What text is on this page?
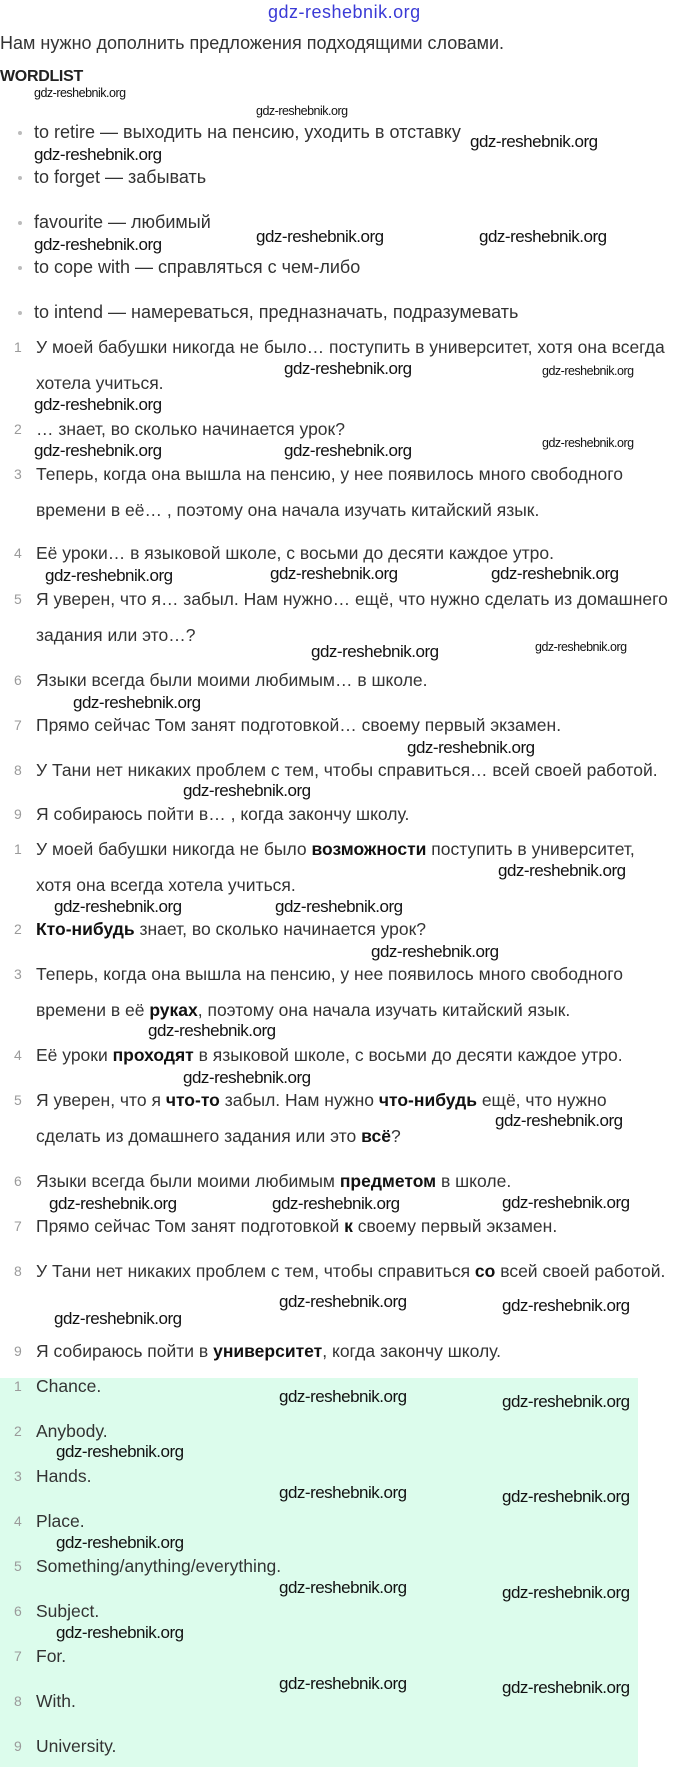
gdz-reshebnik.org
Нам нужно дополнить предложения подходящими словами.
WORDLIST
to retire — выходить на пенсию, уходить в отставку
to forget — забывать
favourite — любимый
to cope with — справляться с чем-либо
to intend — намереваться, предназначать, подразумевать
1 У моей бабушки никогда не было… поступить в университет, хотя она всегда хотела учиться.
2 … знает, во сколько начинается урок?
3 Теперь, когда она вышла на пенсию, у нее появилось много свободного времени в её… , поэтому она начала изучать китайский язык.
4 Её уроки… в языковой школе, с восьми до десяти каждое утро.
5 Я уверен, что я… забыл. Нам нужно… ещё, что нужно сделать из домашнего задания или это…?
6 Языки всегда были моими любимым… в школе.
7 Прямо сейчас Том занят подготовкой… своему первый экзамен.
8 У Тани нет никаких проблем с тем, чтобы справиться… всей своей работой.
9 Я собираюсь пойти в… , когда закончу школу.
1 У моей бабушки никогда не было возможности поступить в университет, хотя она всегда хотела учиться.
2 Кто-нибудь знает, во сколько начинается урок?
3 Теперь, когда она вышла на пенсию, у нее появилось много свободного времени в её руках, поэтому она начала изучать китайский язык.
4 Её уроки проходят в языковой школе, с восьми до десяти каждое утро.
5 Я уверен, что я что-то забыл. Нам нужно что-нибудь ещё, что нужно сделать из домашнего задания или это всё?
6 Языки всегда были моими любимым предметом в школе.
7 Прямо сейчас Том занят подготовкой к своему первый экзамен.
8 У Тани нет никаких проблем с тем, чтобы справиться со всей своей работой.
9 Я собираюсь пойти в университет, когда закончу школу.
1 Chance.
2 Anybody.
3 Hands.
4 Place.
5 Something/anything/everything.
6 Subject.
7 For.
8 With.
9 University.
gdz-reshebnik.org
gdz-reshebnik.org
gdz-reshebnik.org
gdz-reshebnik.org
gdz-reshebnik.org
gdz-reshebnik.org
gdz-reshebnik.org
gdz-reshebnik.org	gdz-reshebnik.org
gdz-reshebnik.org
gdz-reshebnik.org
gdz-reshebnik.org
gdz-reshebnik.org
gdz-reshebnik.org
gdz-reshebnik.org	gdz-reshebnik.org
gdz-reshebnik.org
gdz-reshebnik.org
gdz-reshebnik.org
gdz-reshebnik.org
gdz-reshebnik.org
gdz-reshebnik.org
gdz-reshebnik.org	gdz-reshebnik.org
gdz-reshebnik.org
gdz-reshebnik.org
gdz-reshebnik.org
gdz-reshebnik.org
gdz-reshebnik.org	gdz-reshebnik.org	gdz-reshebnik.org
gdz-reshebnik.org
gdz-reshebnik.org	gdz-reshebnik.org
gdz-reshebnik.org	gdz-reshebnik.org
gdz-reshebnik.org
gdz-reshebnik.org	gdz-reshebnik.org
gdz-reshebnik.org
gdz-reshebnik.org	gdz-reshebnik.org
gdz-reshebnik.org
gdz-reshebnik.org	gdz-reshebnik.org
